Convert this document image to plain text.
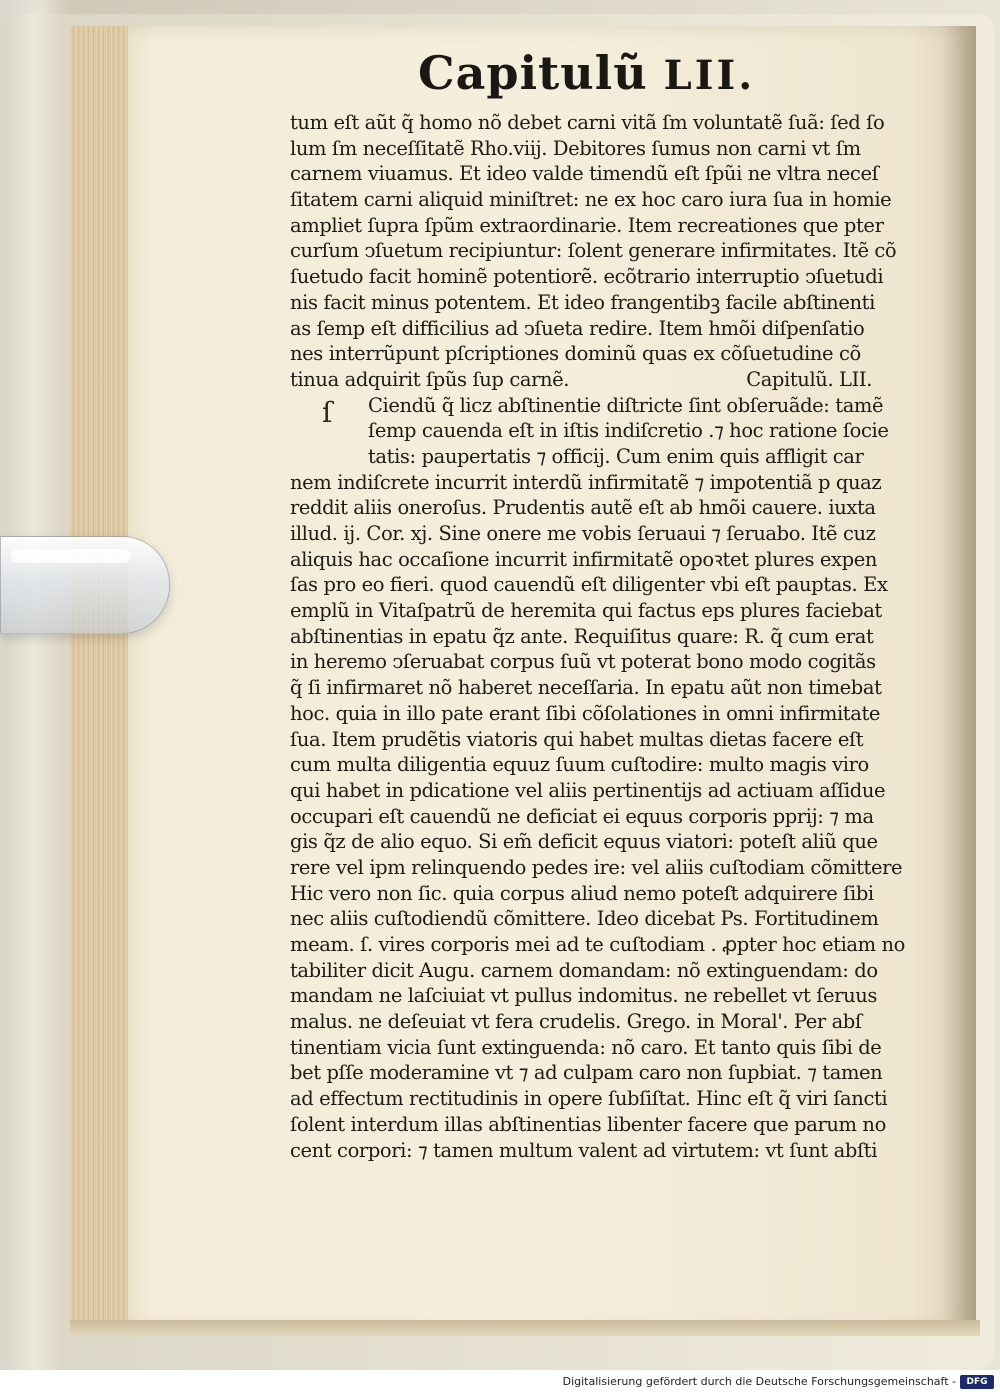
Capitulũ LII.
tum eſt aũt q̃ homo nõ debet carni vitã ſm voluntatẽ ſuã: ſed ſo
lum ſm neceſſitatẽ Rho.viij. Debitores ſumus non carni vt ſm
carnem viuamus. Et ideo valde timendũ eſt ſpũi ne vltra neceſ
ſitatem carni aliquid miniſtret: ne ex hoc caro iura ſua in homie
ampliet ſupra ſpũm extraordinarie. Item recreationes que pter
curſum ↄſuetum recipiuntur: ſolent generare infirmitates. Itẽ cõ
ſuetudo facit hominẽ potentiorẽ. ecõtrario interruptio ↄſuetudi
nis facit minus potentem. Et ideo frangentibꝫ facile abſtinenti
as ſemp eſt difficilius ad ↄſueta redire. Item hmõi diſpenſatio
nes interrũpunt pſcriptiones dominũ quas ex cõſuetudine cõ
tinua adquirit ſpũs ſup carnẽ.	Capitulũ. LII.
Ciendũ q̃ licz abſtinentie diſtricte ſint obſeruãde: tamẽ
ſemp cauenda eſt in iſtis indiſcretio .⁊ hoc ratione ſocie
tatis: paupertatis ⁊ officij. Cum enim quis affligit car
nem indiſcrete incurrit interdũ infirmitatẽ ⁊ impotentiã p quaz
reddit aliis oneroſus. Prudentis autẽ eſt ab hmõi cauere. iuxta
illud. ij. Cor. xj. Sine onere me vobis ſeruaui ⁊ ſeruabo. Itẽ cuz
aliquis hac occaſione incurrit infirmitatẽ opoꝛtet plures expen
ſas pro eo fieri. quod cauendũ eſt diligenter vbi eſt pauptas. Ex
emplũ in Vitaſpatrũ de heremita qui factus eps plures faciebat
abſtinentias in epatu q̃z ante. Requiſitus quare: R. q̃ cum erat
in heremo ↄſeruabat corpus ſuũ vt poterat bono modo cogitãs
q̃ ſi infirmaret nõ haberet neceſſaria. In epatu aũt non timebat
hoc. quia in illo pate erant ſibi cõſolationes in omni infirmitate
ſua. Item prudẽtis viatoris qui habet multas dietas facere eſt
cum multa diligentia equuz ſuum cuſtodire: multo magis viro
qui habet in pdicatione vel aliis pertinentijs ad actiuam aſſidue
occupari eſt cauendũ ne deficiat ei equus corporis pprij: ⁊ ma
gis q̃z de alio equo. Si em̃ deficit equus viatori: poteſt aliũ que
rere vel ipm relinquendo pedes ire: vel aliis cuſtodiam cõmittere
Hic vero non ſic. quia corpus aliud nemo poteſt adquirere ſibi
nec aliis cuſtodiendũ cõmittere. Ideo dicebat Ps. Fortitudinem
meam. ſ. vires corporis mei ad te cuſtodiam . ꝓpter hoc etiam no
tabiliter dicit Augu. carnem domandam: nõ extinguendam: do
mandam ne laſciuiat vt pullus indomitus. ne rebellet vt ſeruus
malus. ne deſeuiat vt fera crudelis. Grego. in Moral'. Per abſ
tinentiam vicia ſunt extinguenda: nõ caro. Et tanto quis ſibi de
bet pſſe moderamine vt ⁊ ad culpam caro non ſupbiat. ⁊ tamen
ad effectum rectitudinis in opere ſubſiſtat. Hinc eſt q̃ viri ſancti
ſolent interdum illas abſtinentias libenter facere que parum no
cent corpori: ⁊ tamen multum valent ad virtutem: vt ſunt abſti
ſ
Digitalisierung gefördert durch die Deutsche Forschungsgemeinschaft -	DFG
